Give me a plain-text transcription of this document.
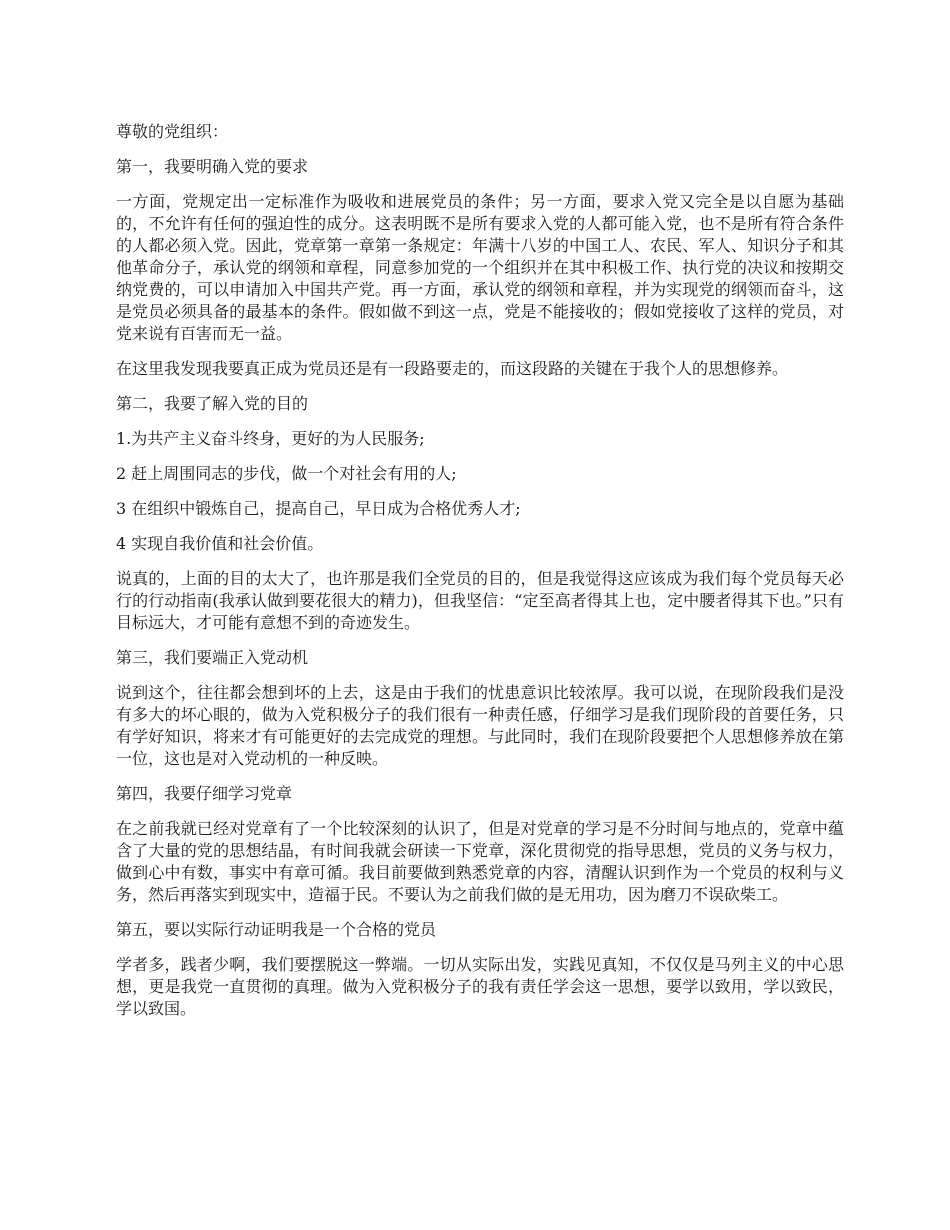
尊敬的党组织：

第一，我要明确入党的要求

一方面，党规定出一定标准作为吸收和进展党员的条件；另一方面，要求入党又完全是以自愿为基础的，不允许有任何的强迫性的成分。这表明既不是所有要求入党的人都可能入党，也不是所有符合条件的人都必须入党。因此，党章第一章第一条规定：年满十八岁的中国工人、农民、军人、知识分子和其他革命分子，承认党的纲领和章程，同意参加党的一个组织并在其中积极工作、执行党的决议和按期交纳党费的，可以申请加入中国共产党。再一方面，承认党的纲领和章程，并为实现党的纲领而奋斗，这是党员必须具备的最基本的条件。假如做不到这一点，党是不能接收的；假如党接收了这样的党员，对党来说有百害而无一益。

在这里我发现我要真正成为党员还是有一段路要走的，而这段路的关键在于我个人的思想修养。

第二，我要了解入党的目的

1.为共产主义奋斗终身，更好的为人民服务;

2 赶上周围同志的步伐，做一个对社会有用的人;

3 在组织中锻炼自己，提高自己，早日成为合格优秀人才;

4 实现自我价值和社会价值。

说真的，上面的目的太大了，也许那是我们全党员的目的，但是我觉得这应该成为我们每个党员每天必行的行动指南(我承认做到要花很大的精力)，但我坚信：“定至高者得其上也，定中腰者得其下也。”只有目标远大，才可能有意想不到的奇迹发生。

第三，我们要端正入党动机

说到这个，往往都会想到坏的上去，这是由于我们的忧患意识比较浓厚。我可以说，在现阶段我们是没有多大的坏心眼的，做为入党积极分子的我们很有一种责任感，仔细学习是我们现阶段的首要任务，只有学好知识，将来才有可能更好的去完成党的理想。与此同时，我们在现阶段要把个人思想修养放在第一位，这也是对入党动机的一种反映。

第四，我要仔细学习党章

在之前我就已经对党章有了一个比较深刻的认识了，但是对党章的学习是不分时间与地点的，党章中蕴含了大量的党的思想结晶，有时间我就会研读一下党章，深化贯彻党的指导思想，党员的义务与权力，做到心中有数，事实中有章可循。我目前要做到熟悉党章的内容，清醒认识到作为一个党员的权利与义务，然后再落实到现实中，造福于民。不要认为之前我们做的是无用功，因为磨刀不误砍柴工。

第五，要以实际行动证明我是一个合格的党员

学者多，践者少啊，我们要摆脱这一弊端。一切从实际出发，实践见真知，不仅仅是马列主义的中心思想，更是我党一直贯彻的真理。做为入党积极分子的我有责任学会这一思想，要学以致用，学以致民，学以致国。
